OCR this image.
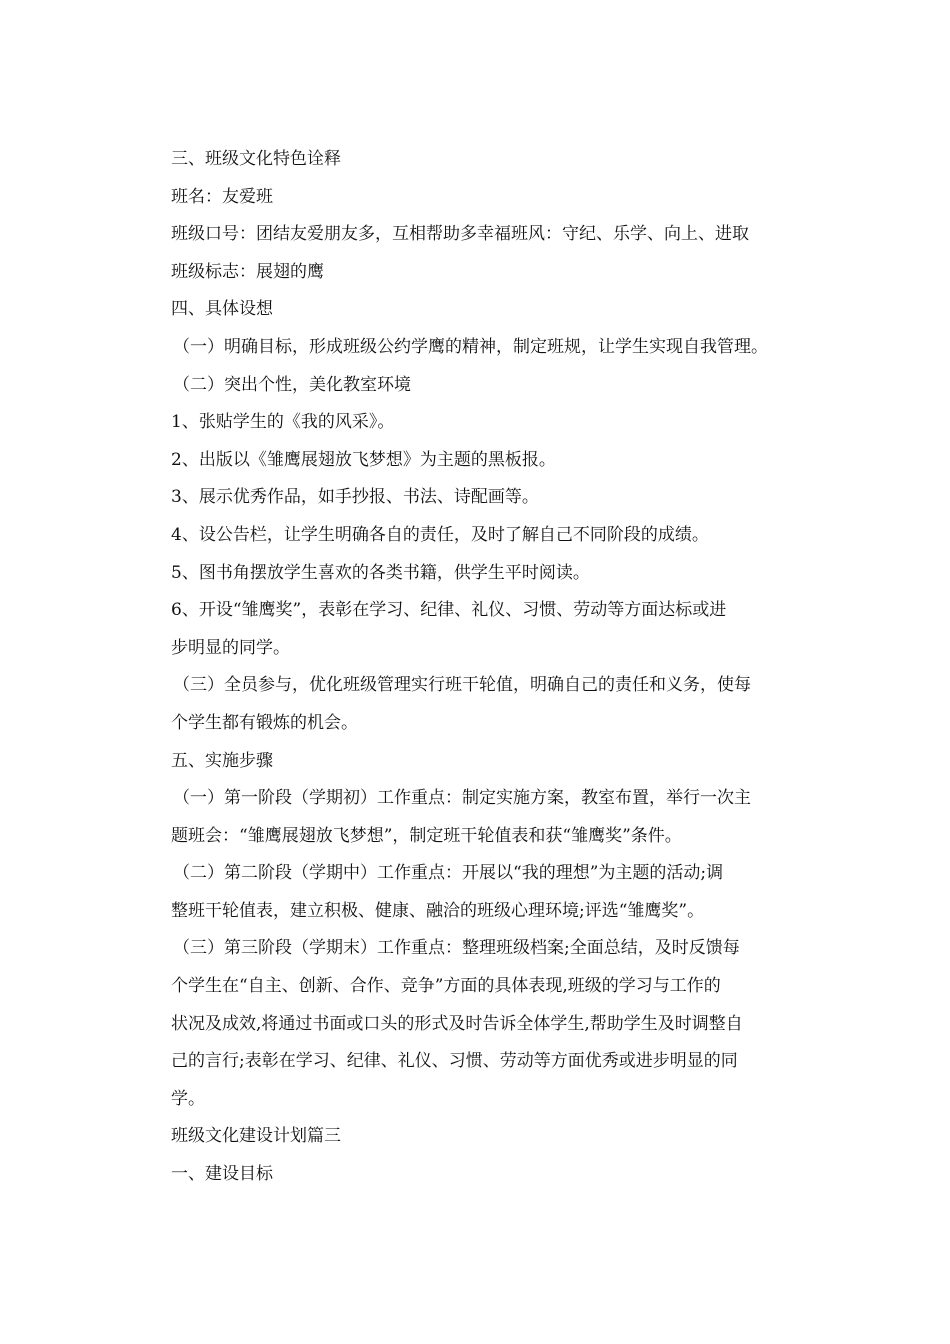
三、班级文化特色诠释
班名：友爱班
班级口号：团结友爱朋友多，互相帮助多幸福班风：守纪、乐学、向上、进取
班级标志：展翅的鹰
四、具体设想
（一）明确目标，形成班级公约学鹰的精神，制定班规，让学生实现自我管理。
（二）突出个性，美化教室环境
1、张贴学生的《我的风采》。
2、出版以《雏鹰展翅放飞梦想》为主题的黑板报。
3、展示优秀作品，如手抄报、书法、诗配画等。
4、设公告栏，让学生明确各自的责任，及时了解自己不同阶段的成绩。
5、图书角摆放学生喜欢的各类书籍，供学生平时阅读。
6、开设“雏鹰奖”，表彰在学习、纪律、礼仪、习惯、劳动等方面达标或进
步明显的同学。
（三）全员参与，优化班级管理实行班干轮值，明确自己的责任和义务，使每
个学生都有锻炼的机会。
五、实施步骤
（一）第一阶段（学期初）工作重点：制定实施方案，教室布置，举行一次主
题班会：“雏鹰展翅放飞梦想”，制定班干轮值表和获“雏鹰奖”条件。
（二）第二阶段（学期中）工作重点：开展以“我的理想”为主题的活动;调
整班干轮值表，建立积极、健康、融洽的班级心理环境;评选“雏鹰奖”。
（三）第三阶段（学期末）工作重点：整理班级档案;全面总结，及时反馈每
个学生在“自主、创新、合作、竞争”方面的具体表现,班级的学习与工作的
状况及成效,将通过书面或口头的形式及时告诉全体学生,帮助学生及时调整自
己的言行;表彰在学习、纪律、礼仪、习惯、劳动等方面优秀或进步明显的同
学。
班级文化建设计划篇三
一、建设目标
